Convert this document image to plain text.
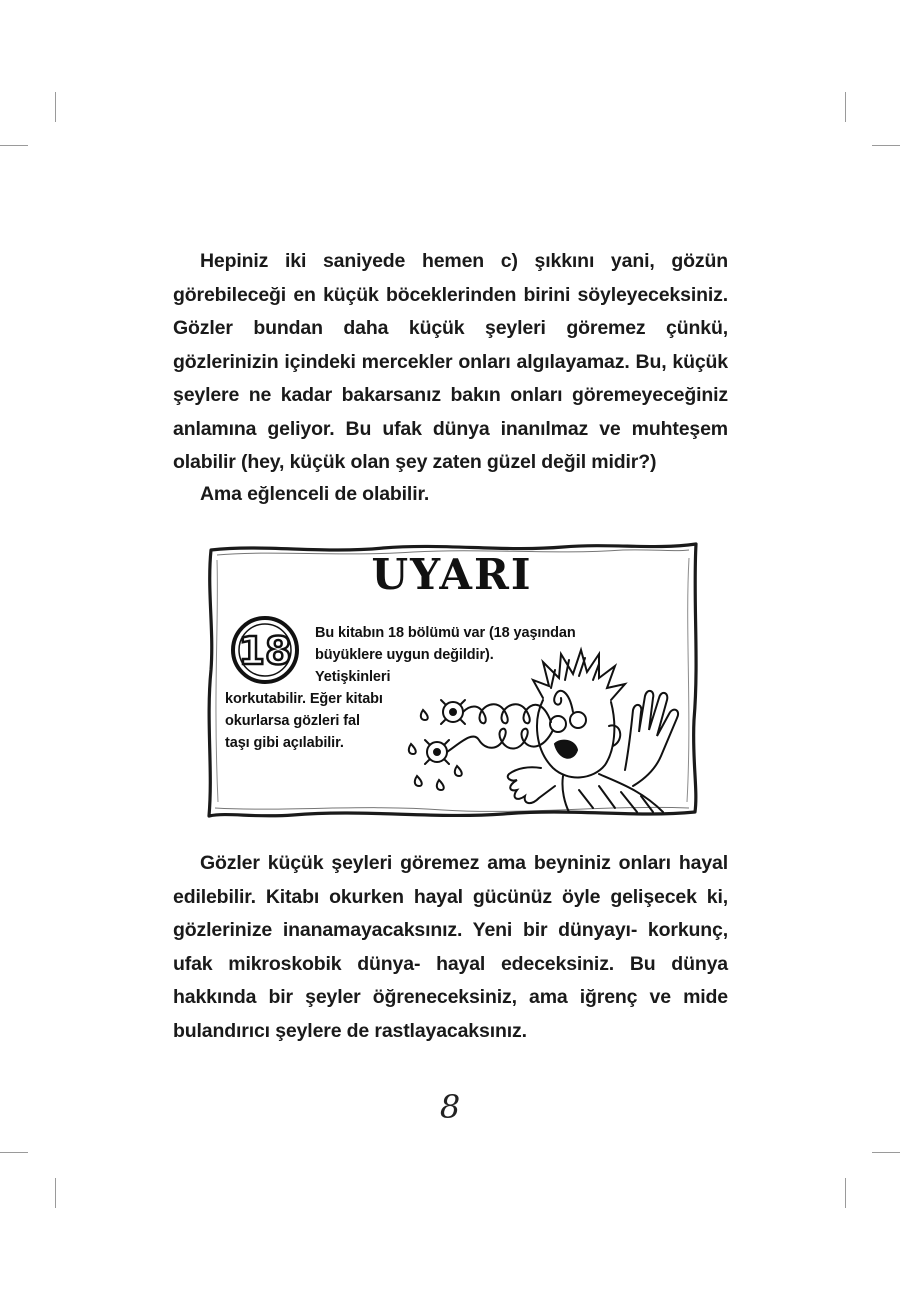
Hepiniz iki saniyede hemen c) şıkkını yani, gözün görebileceği en küçük böceklerinden birini söyleyeceksiniz. Gözler bundan daha küçük şeyleri göremez çünkü, gözlerinizin içindeki mercekler onları algılayamaz. Bu, küçük şeylere ne kadar bakarsanız bakın onları göremeyeceğiniz anlamına geliyor. Bu ufak dünya inanılmaz ve muhteşem olabilir (hey, küçük olan şey zaten güzel değil midir?)

Ama eğlenceli de olabilir.

UYARI
18 Bu kitabın 18 bölümü var (18 yaşından
büyüklere uygun değildir).
Yetişkinleri
korkutabilir. Eğer kitabı
okurlarsa gözleri fal
taşı gibi açılabilir.

Gözler küçük şeyleri göremez ama beyniniz onları hayal edilebilir. Kitabı okurken hayal gücünüz öyle gelişecek ki, gözlerinize inanamayacaksınız. Yeni bir dünyayı- korkunç, ufak mikroskobik dünya- hayal edeceksiniz. Bu dünya hakkında bir şeyler öğreneceksiniz, ama iğrenç ve mide bulandırıcı şeylere de rastlayacaksınız.

8
